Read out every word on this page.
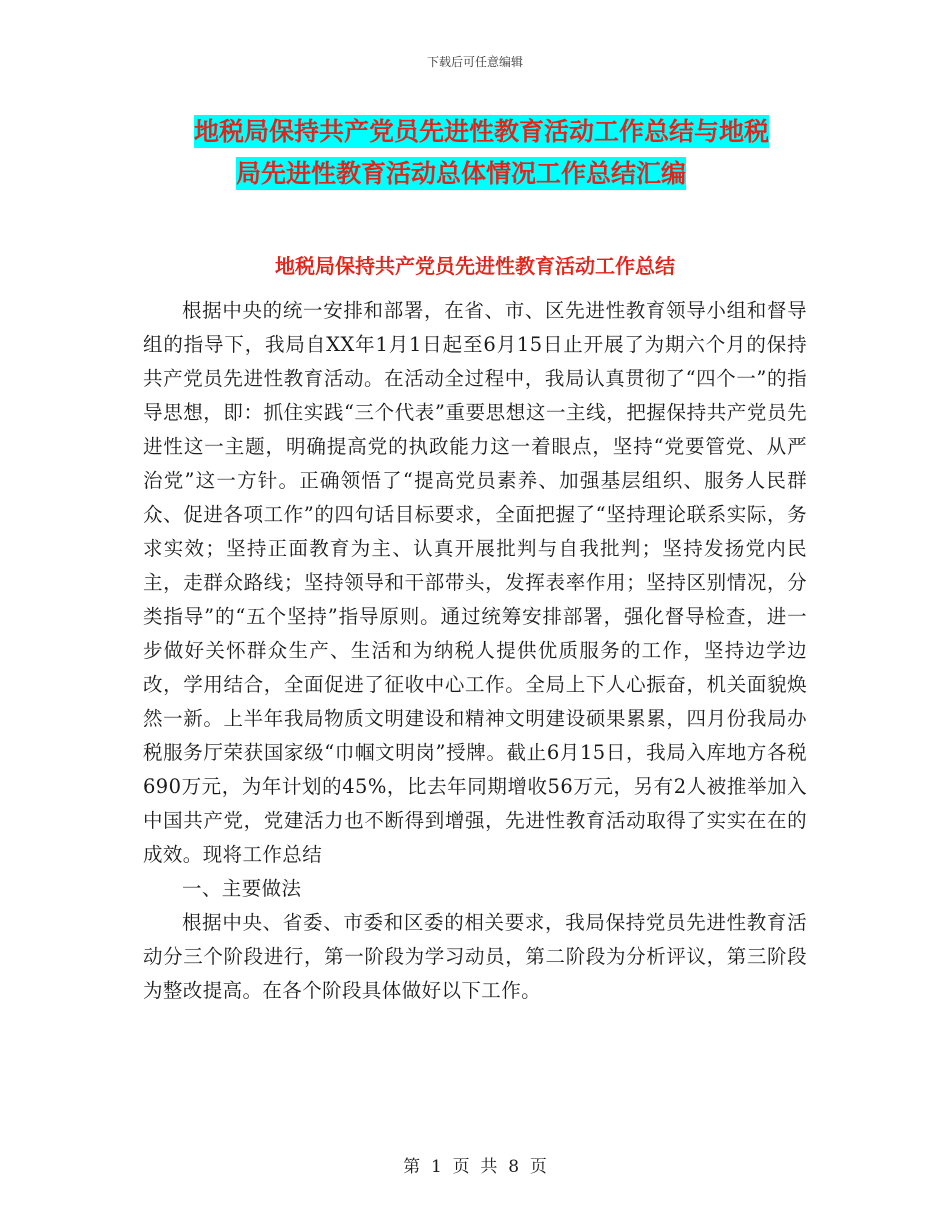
下载后可任意编辑
地税局保持共产党员先进性教育活动工作总结与地税
局先进性教育活动总体情况工作总结汇编
地税局保持共产党员先进性教育活动工作总结

根据中央的统一安排和部署，在省、市、区先进性教育领导小组和督导组的指导下，我局自XX年1月1日起至6月15日止开展了为期六个月的保持共产党员先进性教育活动。在活动全过程中，我局认真贯彻了“四个一”的指导思想，即：抓住实践“三个代表”重要思想这一主线，把握保持共产党员先进性这一主题，明确提高党的执政能力这一着眼点，坚持“党要管党、从严治党”这一方针。正确领悟了“提高党员素养、加强基层组织、服务人民群众、促进各项工作”的四句话目标要求，全面把握了“坚持理论联系实际，务求实效；坚持正面教育为主、认真开展批判与自我批判；坚持发扬党内民主，走群众路线；坚持领导和干部带头，发挥表率作用；坚持区别情况，分类指导”的“五个坚持”指导原则。通过统筹安排部署，强化督导检查，进一步做好关怀群众生产、生活和为纳税人提供优质服务的工作，坚持边学边改，学用结合，全面促进了征收中心工作。全局上下人心振奋，机关面貌焕然一新。上半年我局物质文明建设和精神文明建设硕果累累，四月份我局办税服务厅荣获国家级“巾帼文明岗”授牌。截止6月15日，我局入库地方各税690万元，为年计划的45%，比去年同期增收56万元，另有2人被推举加入中国共产党，党建活力也不断得到增强，先进性教育活动取得了实实在在的成效。现将工作总结

一、主要做法

根据中央、省委、市委和区委的相关要求，我局保持党员先进性教育活动分三个阶段进行，第一阶段为学习动员，第二阶段为分析评议，第三阶段为整改提高。在各个阶段具体做好以下工作。

第  1  页  共  8  页
